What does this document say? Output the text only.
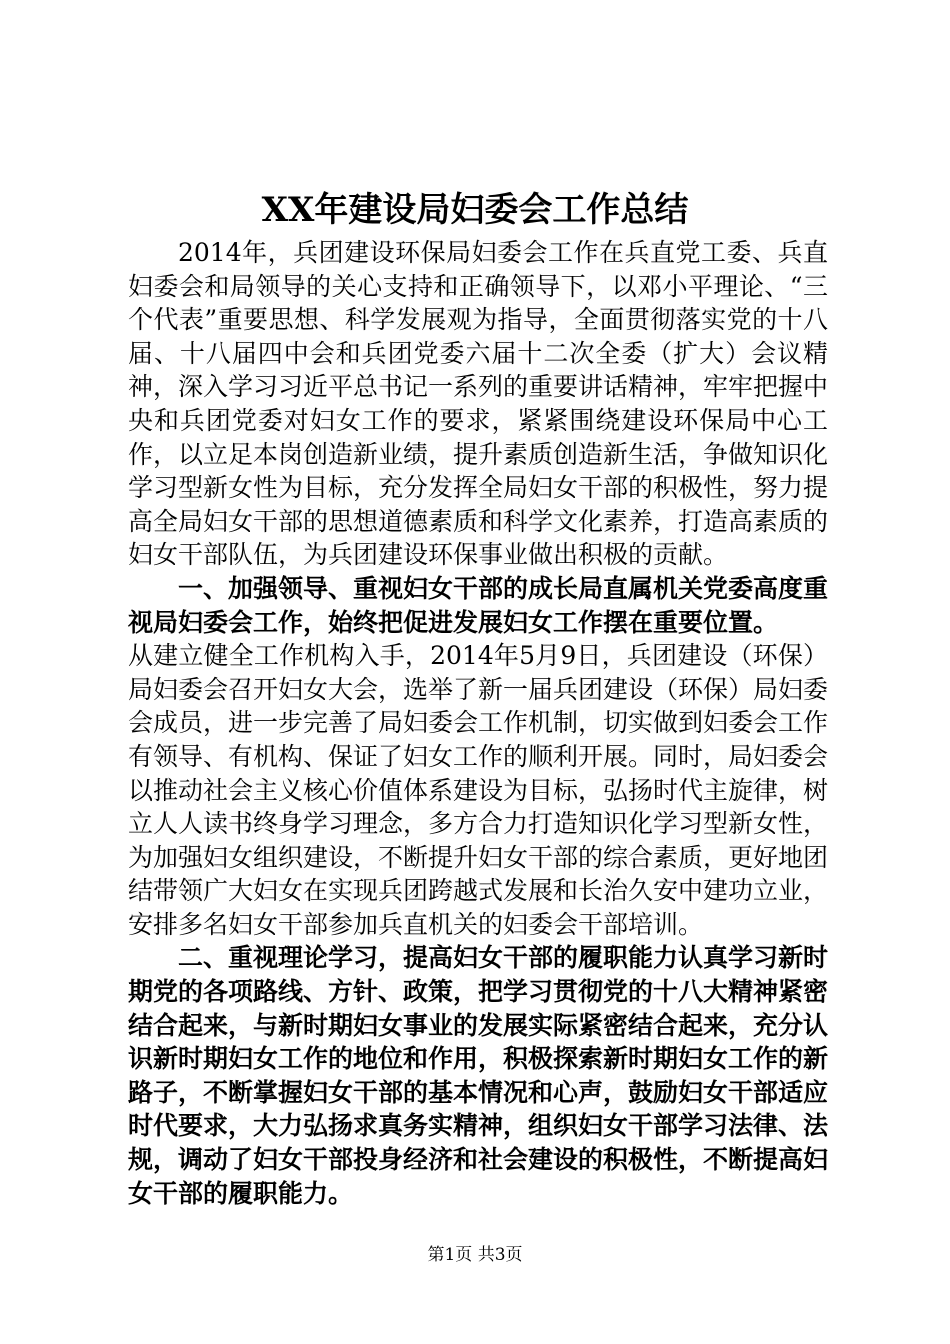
XX年建设局妇委会工作总结

2014年，兵团建设环保局妇委会工作在兵直党工委、兵直妇委会和局领导的关心支持和正确领导下，以邓小平理论、“三个代表”重要思想、科学发展观为指导，全面贯彻落实党的十八届、十八届四中会和兵团党委六届十二次全委（扩大）会议精神，深入学习习近平总书记一系列的重要讲话精神，牢牢把握中央和兵团党委对妇女工作的要求，紧紧围绕建设环保局中心工作，以立足本岗创造新业绩，提升素质创造新生活，争做知识化学习型新女性为目标，充分发挥全局妇女干部的积极性，努力提高全局妇女干部的思想道德素质和科学文化素养，打造高素质的妇女干部队伍，为兵团建设环保事业做出积极的贡献。

一、加强领导、重视妇女干部的成长局直属机关党委高度重视局妇委会工作，始终把促进发展妇女工作摆在重要位置。

从建立健全工作机构入手，2014年5月9日，兵团建设（环保）局妇委会召开妇女大会，选举了新一届兵团建设（环保）局妇委会成员，进一步完善了局妇委会工作机制，切实做到妇委会工作有领导、有机构、保证了妇女工作的顺利开展。同时，局妇委会以推动社会主义核心价值体系建设为目标，弘扬时代主旋律，树立人人读书终身学习理念，多方合力打造知识化学习型新女性，为加强妇女组织建设，不断提升妇女干部的综合素质，更好地团结带领广大妇女在实现兵团跨越式发展和长治久安中建功立业，安排多名妇女干部参加兵直机关的妇委会干部培训。

二、重视理论学习，提高妇女干部的履职能力认真学习新时期党的各项路线、方针、政策，把学习贯彻党的十八大精神紧密结合起来，与新时期妇女事业的发展实际紧密结合起来，充分认识新时期妇女工作的地位和作用，积极探索新时期妇女工作的新路子，不断掌握妇女干部的基本情况和心声，鼓励妇女干部适应时代要求，大力弘扬求真务实精神，组织妇女干部学习法律、法规，调动了妇女干部投身经济和社会建设的积极性，不断提高妇女干部的履职能力。

第1页 共3页
